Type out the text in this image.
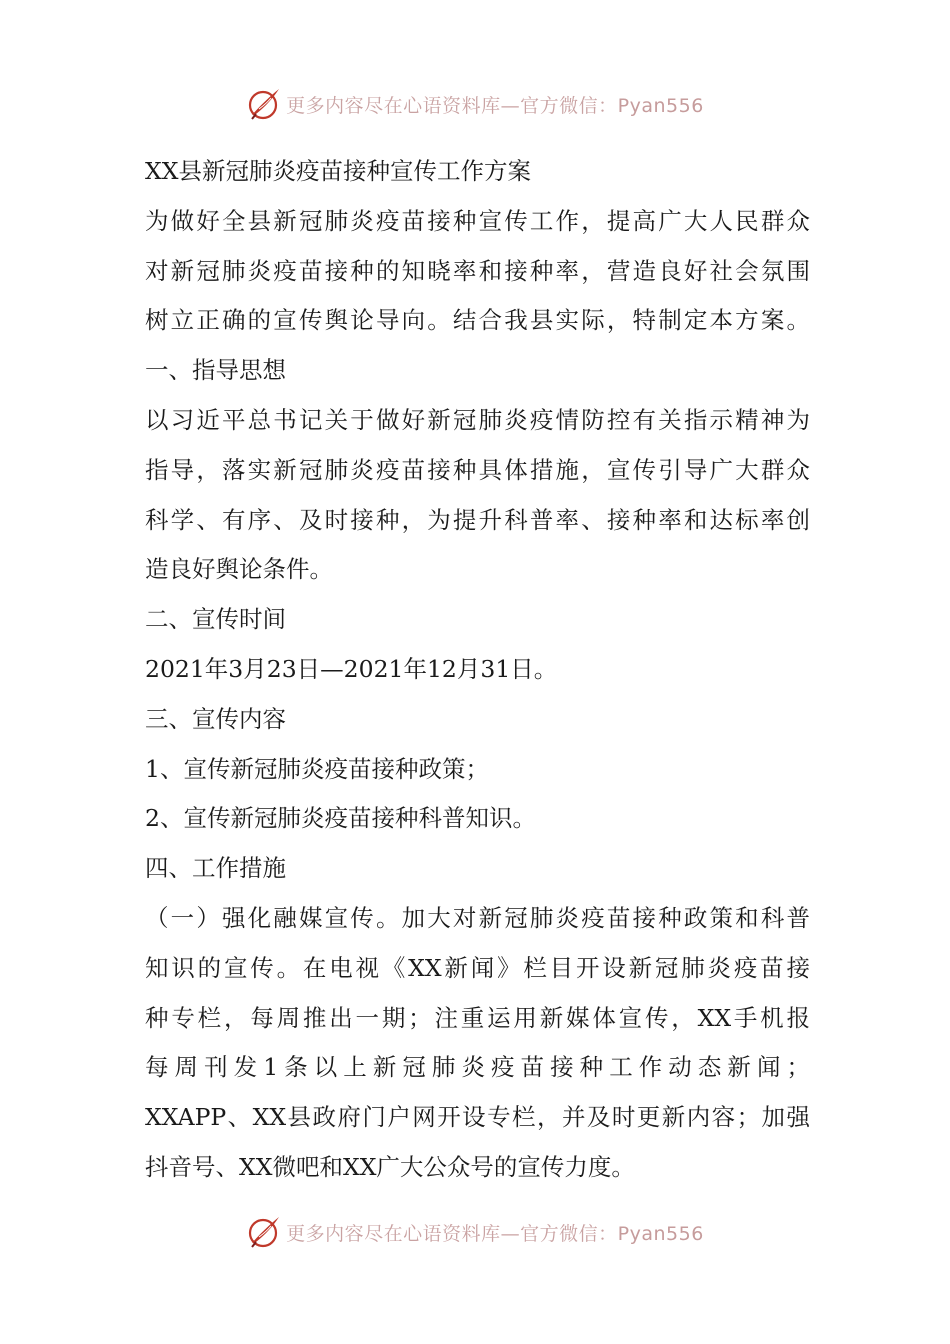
更多内容尽在心语资料库—官方微信：Pyan556
XX县新冠肺炎疫苗接种宣传工作方案
为做好全县新冠肺炎疫苗接种宣传工作，提高广大人民群众
对新冠肺炎疫苗接种的知晓率和接种率，营造良好社会氛围
树立正确的宣传舆论导向。结合我县实际，特制定本方案。
一、指导思想
以习近平总书记关于做好新冠肺炎疫情防控有关指示精神为
指导，落实新冠肺炎疫苗接种具体措施，宣传引导广大群众
科学、有序、及时接种，为提升科普率、接种率和达标率创
造良好舆论条件。
二、宣传时间
2021年3月23日—2021年12月31日。
三、宣传内容
1、宣传新冠肺炎疫苗接种政策；
2、宣传新冠肺炎疫苗接种科普知识。
四、工作措施
（一）强化融媒宣传。加大对新冠肺炎疫苗接种政策和科普
知识的宣传。在电视《XX新闻》栏目开设新冠肺炎疫苗接
种专栏，每周推出一期；注重运用新媒体宣传，XX手机报
每周刊发1条以上新冠肺炎疫苗接种工作动态新闻；
XXAPP、XX县政府门户网开设专栏，并及时更新内容；加强
抖音号、XX微吧和XX广大公众号的宣传力度。
更多内容尽在心语资料库—官方微信：Pyan556
